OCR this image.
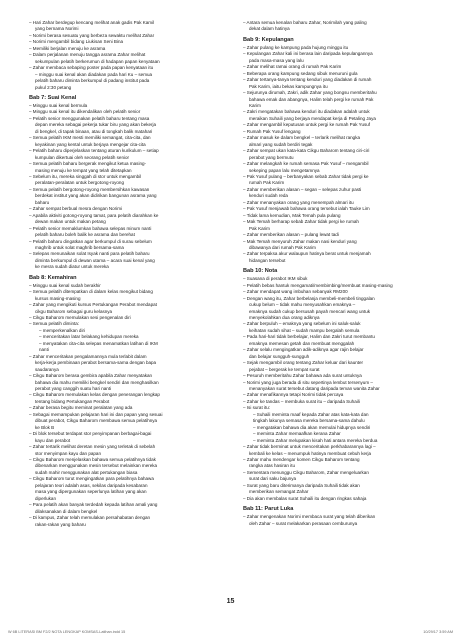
– Hari Zahar berdegup kencang melihat anak gadis Pak Kamil
yang bernama Norimi
– Norimi berasa sesuatu yang berbeza sewaktu melihat Zahar
– Norimi mengambil bidang Liukisan Seni Bina
– Memiliki berjalan menuju ke asrama
– Dalam perjalanan menuju tangga asrama Zahar melihat
sekumpulan pelatih berkerumun di hadapan papan kenyataan
– Zahar membaca sebaping poster pada papan kenyataan itu
– minggu suai kenal akan diadakan pada hari Ku – semua
pelatih baharu diminta berkumpul di padang institut pada
pukul 2:30 petang
Bab 7: Suai Kenal
– Minggu suai kenal bermula
– Minggu suai kenal itu dikendalikan oleh pelatih senior
– Pelatih senior menggunakan pelatih baharu tentang masa
depan mereka sebagai pekerja tukar biru yang akan bekerja
di bengkel, di tapak binaan, atau di tongkah balik matahari
– Semua pelatih IKM mesti memiliki semangat, cita-cita, dan
keyakinan yang kental untuk berjaya mengejar cita-cita
– Pelatih baharu diperjelaskan tentang aturan kurikulum – setiap
kumpulan dikertuai oleh seorang pelatih senior
– Semua pelatih baharu bergerak mengikut ketua masing-
masing menuju ke tempat yang telah ditetapkan
– Sebelum itu, mereka singgah di stor untuk mengambil
peralatan-peralatan untuk bergotong-royong
– Semua pelatih bergotong-royong membersihkan kawasan
berdekat institut yang akan didirikan bangunan asrama yang
baharu
– Zahar sempat berbual mesra dengan Norimi
– Apabila aktiviti gotong-royong tamat, para pelatih diarahkan ke
dewan makan untuk makan petang
– Pelatih senior memaklumkan bahawa selepas minum nanti
pelatih baharu boleh balik ke asrama dan berehat
– Pelatih baharu dingatkan agar berkumpul di surau sebelum
maghrib untuk solat maghrib bersama-sama
– Selepas menunaikan solat Isyak nanti para pelatih baharu
diminta berkumpul di dewan utama – acara suai kenal yang
ke mesra sudah diatur untuk mereka
Bab 8: Kemahiran
– Minggu suai kenal sudah berakhir
– Semua pelatih ditempatkan di dalam kelas mengikut bidang
kursus masing-masing
– Zahar yang mengikuti kursus Pertukangan Perabot mendapat
cikgu Baharom sebagai guru kelasnya
– Cikgu Baharom memulakan sesi pengenalan diri
– Semua pelatih diminta:
– memperkenalkan diri
– menceritakan latar belakang kehidupan mereka
– menyatakan cita-cita selepas menamatkan latihan di IKM
nanti
– Zahar menceritakan pengalamannya mula terlabit dalam
kerja-kerja pembinaan perabot bersama-sama dengan bapa
saudaranya
– Cikgu Baharom berasa gembira apabila Zahar menyatakan
bahawa dia mahu memiliki bengkel sendiri dan menghasilkan
perabot yang canggih suatu hari nanti
– Cikgu Baharom memulakan kelas dengan penerangan lengkap
tentang bidang Pertukangan Perabot
– Zahar berasa begitu meminat peralatan yang ada
– Sebagai memampukan pelajaran hari ini dan papan yang sesuai
dibuat perabot, Cikgu Baharom membawa semua pelatihnya
ke Blok B
– Di blok tersebut terdapat stor penyimpanan berbagai-bagai
kayu dan perabot
– Zahar tertarik melihat deretan mesin yang terletak di sebelah
stor menyimpan kayu dan papan
– Cikgu Baharom menjelaskan bahawa semua pelatihnya tidak
dibenarkan menggunakan mesin tersebut melainkan mereka
sudah mahir menggunakan alat pertukangan biasa
– Cikgu Baharom turut mengingatkan para pelatihnya bahawa
pelajaran teori adalah asas, sekilas daripada kesabaran
masa yang dipergunakan seperlunya latihan yang akan
diperlukan
– Para pelatih akan banyak terdedah kepada latihan amali yang
dilaksanakan di dalam bengkel
– Di kampus, Zahar telah memulakan persahabatan dengan
rakan-rakan yang baharu
– Antara semua kenalan baharu Zahar, Norimilah yang paling
dekat dalam hatinya
Bab 9: Kepulangan
– Zahar pulang ke kampung pada hujung minggu itu
– Kepulangan Zahar kali ini berasa lain daripada kepulangannya
pada masa-masa yang lalu
– Zahar melihat ramai orang di rumah Pak Karim
– Beberapa orang kampung sedang sibuk menuruni gula
– Zahar tertanya-tanya tentang kenduri yang diadakan di rumah
Pak Karim, iaitu bekas kampungnya itu
– Sejurunya dirumah, Zakri, adik Zahar yang bongsu memberitahu
bahawa emak dan abangnya, Halim telah pergi ke rumah Pak
Karim
– Zakri mengatakan bahawa kenduri itu diadakan adalah untuk
meraikan Suhaili yang berjaya mendapat kerja di Petaling Jaya
– Zahar mengambil keputusan untuk pergi ke rumah Pak Yusuf
– Rumah Pak Yusuf lengang
– Zahar masuk ke dalam bengkel – terlarik melihat rangka
almari yang sudah berdiri tegak
– Zahar sempat ukan kata-kata Cikgu Baharom tentang ciri-ciri
perabot yang bermutu
– Zahar melangkah ke rumah semasa Pak Yusuf – mengambil
sekeping papan lalu mengetamnya
– Pak Yusuf pulang – berbanyakan sebab Zahar tidak pergi ke
rumah Pak Karim
– Zahar memberikan alasan – segan – selepas zuhur pasti
kenduri sudah reda
– Zahar menanyakan orang yang menempah almari itu
– Pak Yusuf menjawab bahawa orang tersebut ialah Tauke Lim
– Tidak lama kemudian, Mak Temah pula pulang
– Mak Temah berharap sebab Zahar tidak pergi ke rumah
Pak Karim
– Zahar memberikan alasan – pulang lewat tadi
– Mak Temah menyuruh Zahar makan nasi kenduri yang
dibawanya dari rumah Pak Karim
– Zahar terpaksa akur walaupun hatinya berat untuk menjamah
hidangan tersebut
Bab 10: Nota
– Suasana di perabot IKM sibuk
– Pelatih bebas hantuk mengamati/membimbing/membuat masing-masing
– Zahar mendapat wang imbuhan sebanyak RM200
– Dengan wang itu, Zahar berbelanja membeli-membeli tinggalan
cukup belum – tidak mahu menyusahkan emaknya –
emaknya sudah cukup bersusah payah mencari wang untuk
menyekolahkan dua orang adiknya
– Zahar berpuluh – emaknya yang sebelum ini saluk-saluk
keihatan sudah sihat – sudah mampu bergalah semula
– Pada hari-hari tidak berbelajar, Halim dan Zakri turut membantu
emaknya memesan getah dan membuat menggalah
– Zahar selalu mengingatkan adik-adiknya agar rajin belajar
dan belajar sungguh-sungguh
– Sejak mengambil orang tentang Zahar keluar dari kaunter
pejabat – bergerak ke tempat surat
– Pesuruh memberitahu Zahar bahawa ada surat untuknya
– Norimi yang juga berada di situ sepertinya lembut tersenyum –
menanyakan surat tersebut datang daripada teman wanita Zahar
– Zahar menafikannya tetapi Norimi tidak percaya
– Zahar ke tandas – membuka surat itu – daripada Suhaili
– Isi surat itu:
– Suhaili meminta maaf kepada Zahar atas kata-kata dan
tingkah lakunya semasa mereka bersama-sama dahulu
– mengatakan bahawa dia akan memulai hidupnya sendiri
– meminta Zahar memaafkan kerana Zahar
– meminta Zahar melupakan kisah hati antara mereka berdua
– Zahar tidak berminat untuk menceritakan perkhabarannya lagi –
kembali ke kelas – menumpuk hatinya membuat cebuh kerja
– Zahar mahu mendengar komen Cikgu Baharom tentang
rangka atas hasiran itu
– Sementara menunggu Cikgu Baharom, Zahar mengeluarkan
surat dari saku bajunya
– Surat yang baru diterimanya daripada Suhaili tidak akan
memberikan semangat Zahar
– Dia akan membalas surat Suhaili itu dengan ringkas sahaja
Bab 11: Parut Luka
– Zahar mengenakan Norimi membaca surat yang telah diberikan
oleh Zahar – surat melakarkan perasaan cemburunya
15
W 6B LITERASI BM F2/2 NOTA LENGKAP KOMSAS-Latihan.indd 15	10/29/17 3:59 AM
